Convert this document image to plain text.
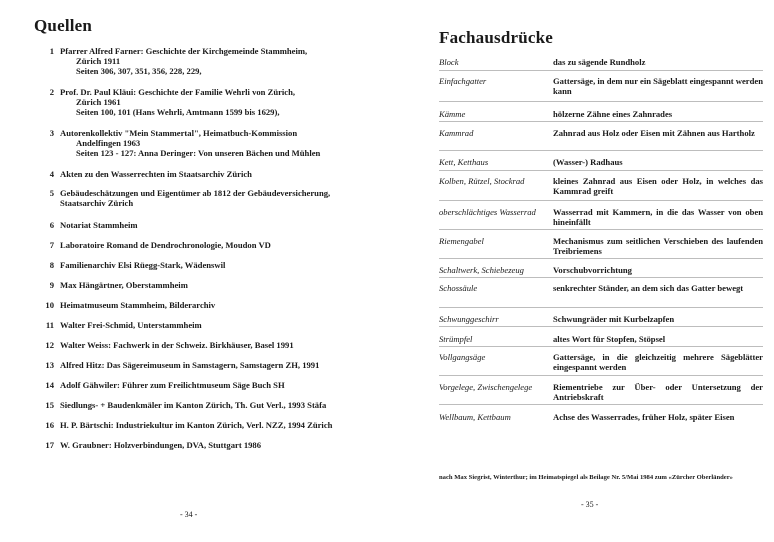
Quellen
1 Pfarrer Alfred Farner: Geschichte der Kirchgemeinde Stammheim,
Zürich 1911
Seiten 306, 307, 351, 356, 228, 229,
2 Prof. Dr. Paul Kläui: Geschichte der Familie Wehrli von Zürich,
Zürich 1961
Seiten 100, 101 (Hans Wehrli, Amtmann 1599 bis 1629),
3 Autorenkollektiv "Mein Stammertal", Heimatbuch-Kommission
Andelfingen 1963
Seiten 123 - 127: Anna Deringer: Von unseren Bächen und Mühlen
4 Akten zu den Wasserrechten im Staatsarchiv Zürich
5 Gebäudeschätzungen und Eigentümer ab 1812 der Gebäudeversicherung,
Staatsarchiv Zürich
6 Notariat Stammheim
7 Laboratoire Romand de Dendrochronologie, Moudon VD
8 Familienarchiv Elsi Rüegg-Stark, Wädenswil
9 Max Hängärtner, Oberstammheim
10 Heimatmuseum Stammheim, Bilderarchiv
11 Walter Frei-Schmid, Unterstammheim
12 Walter Weiss: Fachwerk in der Schweiz. Birkhäuser, Basel 1991
13 Alfred Hitz: Das Sägereimuseum in Samstagern, Samstagern ZH, 1991
14 Adolf Gähwiler: Führer zum Freilichtmuseum Säge Buch SH
15 Siedlungs- + Baudenkmäler im Kanton Zürich, Th. Gut Verl., 1993 Stäfa
16 H. P. Bärtschi: Industriekultur im Kanton Zürich, Verl. NZZ, 1994 Zürich
17 W. Graubner: Holzverbindungen, DVA, Stuttgart 1986
- 34 -
Fachausdrücke
Block	das zu sägende Rundholz
Einfachgatter	Gattersäge, in dem nur ein Sägeblatt eingespannt werden kann
Kämme	hölzerne Zähne eines Zahnrades
Kammrad	Zahnrad aus Holz oder Eisen mit Zähnen aus Hartholz
Kett, Ketthaus	(Wasser-) Radhaus
Kolben, Rützel, Stockrad	kleines Zahnrad aus Eisen oder Holz, in welches das Kammrad greift
oberschlächtiges Wasserrad	Wasserrad mit Kammern, in die das Wasser von oben hineinfällt
Riemengabel	Mechanismus zum seitlichen Verschieben des laufenden Treibriemens
Schaltwerk, Schiebezeug	Vorschubvorrichtung
Schossäule	senkrechter Ständer, an dem sich das Gatter bewegt
Schwunggeschirr	Schwungräder mit Kurbelzapfen
Strümpfel	altes Wort für Stopfen, Stöpsel
Vollgangsäge	Gattersäge, in die gleichzeitig mehrere Sägeblätter eingespannt werden
Vorgelege, Zwischengelege	Riementriebe zur Über- oder Untersetzung der Antriebskraft
Wellbaum, Kettbaum	Achse des Wasserrades, früher Holz, später Eisen
nach Max Siegrist, Winterthur; im Heimatspiegel als Beilage Nr. 5/Mai 1984 zum «Zürcher Oberländer»
- 35 -
